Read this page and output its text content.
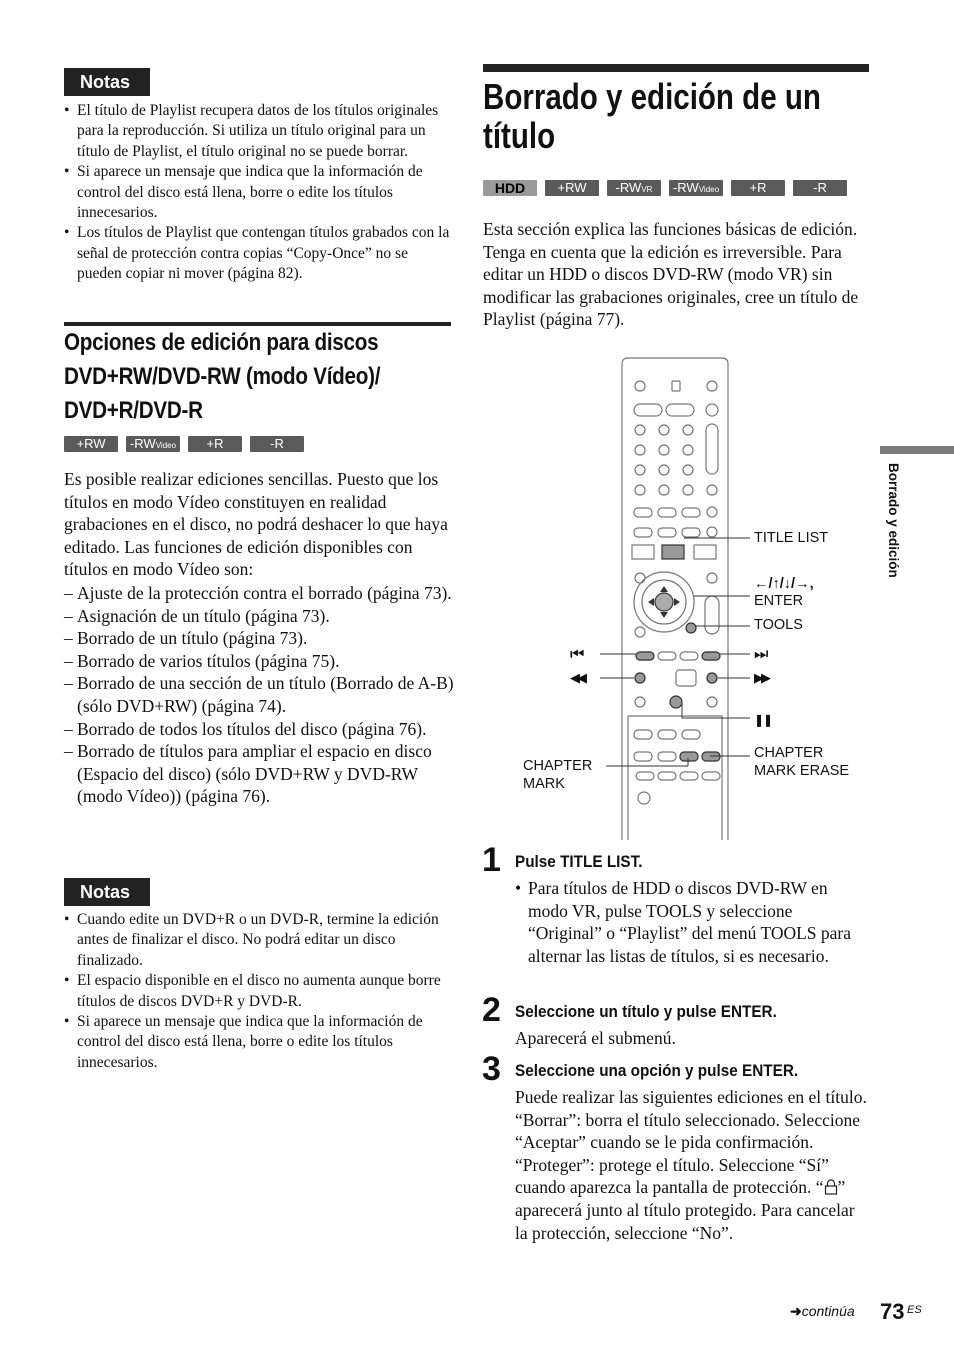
Notas
• El título de Playlist recupera datos de los títulos originales para la reproducción. Si utiliza un título original para un título de Playlist, el título original no se puede borrar.
• Si aparece un mensaje que indica que la información de control del disco está llena, borre o edite los títulos innecesarios.
• Los títulos de Playlist que contengan títulos grabados con la señal de protección contra copias “Copy-Once” no se pueden copiar ni mover (página 82).
Opciones de edición para discos DVD+RW/DVD-RW (modo Vídeo)/ DVD+R/DVD-R
+RW	-RWVideo	+R	-R
Es posible realizar ediciones sencillas. Puesto que los títulos en modo Vídeo constituyen en realidad grabaciones en el disco, no podrá deshacer lo que haya editado. Las funciones de edición disponibles con títulos en modo Vídeo son:
– Ajuste de la protección contra el borrado (página 73).
– Asignación de un título (página 73).
– Borrado de un título (página 73).
– Borrado de varios títulos (página 75).
– Borrado de una sección de un título (Borrado de A-B) (sólo DVD+RW) (página 74).
– Borrado de todos los títulos del disco (página 76).
– Borrado de títulos para ampliar el espacio en disco (Espacio del disco) (sólo DVD+RW y DVD-RW (modo Vídeo)) (página 76).
Notas
• Cuando edite un DVD+R o un DVD-R, termine la edición antes de finalizar el disco. No podrá editar un disco finalizado.
• El espacio disponible en el disco no aumenta aunque borre títulos de discos DVD+R y DVD-R.
• Si aparece un mensaje que indica que la información de control del disco está llena, borre o edite los títulos innecesarios.
Borrado y edición de un título
HDD	+RW	-RWVR	-RWVideo	+R	-R
Esta sección explica las funciones básicas de edición. Tenga en cuenta que la edición es irreversible. Para editar un HDD o discos DVD-RW (modo VR) sin modificar las grabaciones originales, cree un título de Playlist (página 77).
TITLE LIST
←/↑/↓/→,
ENTER
TOOLS
⏭
▶▶
❚❚
CHAPTER
MARK ERASE
⏮
◀◀
CHAPTER
MARK
1 Pulse TITLE LIST.
• Para títulos de HDD o discos DVD-RW en modo VR, pulse TOOLS y seleccione “Original” o “Playlist” del menú TOOLS para alternar las listas de títulos, si es necesario.
2 Seleccione un título y pulse ENTER.
Aparecerá el submenú.
3 Seleccione una opción y pulse ENTER.
Puede realizar las siguientes ediciones en el título.
“Borrar”: borra el título seleccionado. Seleccione “Aceptar” cuando se le pida confirmación.
“Proteger”: protege el título. Seleccione “Sí” cuando aparezca la pantalla de protección. “ ” aparecerá junto al título protegido. Para cancelar la protección, seleccione “No”.
Borrado y edición
➜continúa 73 ES
